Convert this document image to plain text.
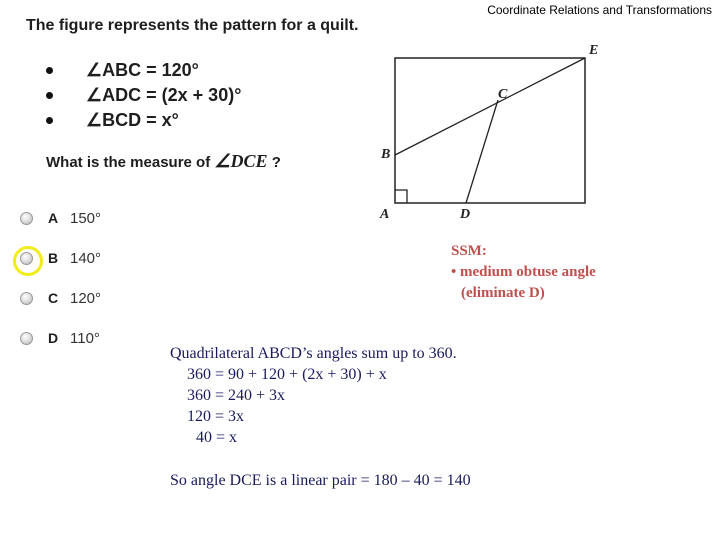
Coordinate Relations and Transformations
The figure represents the pattern for a quilt.
∠ABC = 120°
∠ADC = (2x + 30)°
∠BCD = x°
What is the measure of ∠DCE ?
A 150°
B 140°
C 120°
D 110°
E
C
B
A	D
SSM:
• medium obtuse angle
(eliminate D)
Quadrilateral ABCD’s angles sum up to 360.
360 = 90 + 120 + (2x + 30) + x
360 = 240 + 3x
120 = 3x
40 = x
So angle DCE is a linear pair = 180 – 40 = 140
